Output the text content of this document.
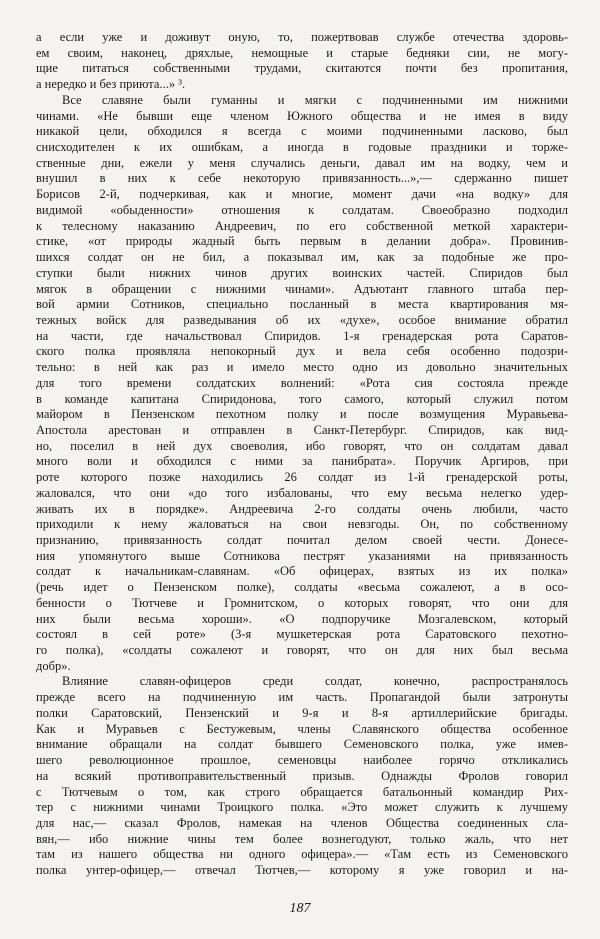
а если уже и доживут оную, то, пожертвовав службе отечества здоровь-
ем своим, наконец, дряхлые, немощные и старые бедняки сии, не могу-
щие питаться собственными трудами, скитаются почти без пропитания,
а нередко и без приюта...» ³.
Все славяне были гуманны и мягки с подчиненными им нижними
чинами. «Не бывши еще членом Южного общества и не имея в виду
никакой цели, обходился я всегда с моими подчиненными ласково, был
снисходителен к их ошибкам, а иногда в годовые праздники и торже-
ственные дни, ежели у меня случались деньги, давал им на водку, чем и
внушил в них к себе некоторую привязанность...»,— сдержанно пишет
Борисов 2-й, подчеркивая, как и многие, момент дачи «на водку» для
видимой «обыденности» отношения к солдатам. Своеобразно подходил
к телесному наказанию Андреевич, по его собственной меткой характери-
стике, «от природы жадный быть первым в делании добра». Провинив-
шихся солдат он не бил, а показывал им, как за подобные же про-
ступки были нижних чинов других воинских частей. Спиридов был
мягок в обращении с нижними чинами». Адъютант главного штаба пер-
вой армии Сотников, специально посланный в места квартирования мя-
тежных войск для разведывания об их «духе», особое внимание обратил
на части, где начальствовал Спиридов. 1-я гренадерская рота Саратов-
ского полка проявляла непокорный дух и вела себя особенно подозри-
тельно: в ней как раз и имело место одно из довольно значительных
для того времени солдатских волнений: «Рота сия состояла прежде
в команде капитана Спиридонова, того самого, который служил потом
майором в Пензенском пехотном полку и после возмущения Муравьева-
Апостола арестован и отправлен в Санкт-Петербург. Спиридов, как вид-
но, поселил в ней дух своеволия, ибо говорят, что он солдатам давал
много воли и обходился с ними за панибрата». Поручик Аргиров, при
роте которого позже находились 26 солдат из 1-й гренадерской роты,
жаловался, что они «до того избалованы, что ему весьма нелегко удер-
живать их в порядке». Андреевича 2-го солдаты очень любили, часто
приходили к нему жаловаться на свои невзгоды. Он, по собственному
признанию, привязанность солдат почитал делом своей чести. Донесе-
ния упомянутого выше Сотникова пестрят указаниями на привязанность
солдат к начальникам-славянам. «Об офицерах, взятых из их полка»
(речь идет о Пензенском полке), солдаты «весьма сожалеют, а в осо-
бенности о Тютчеве и Громнитском, о которых говорят, что они для
них были весьма хороши». «О подпоручике Мозгалевском, который
состоял в сей роте» (3-я мушкетерская рота Саратовского пехотно-
го полка), «солдаты сожалеют и говорят, что он для них был весьма
добр».
Влияние славян-офицеров среди солдат, конечно, распространялось
прежде всего на подчиненную им часть. Пропагандой были затронуты
полки Саратовский, Пензенский и 9-я и 8-я артиллерийские бригады.
Как и Муравьев с Бестужевым, члены Славянского общества особенное
внимание обращали на солдат бывшего Семеновского полка, уже имев-
шего революционное прошлое, семеновцы наиболее горячо откликались
на всякий противоправительственный призыв. Однажды Фролов говорил
с Тютчевым о том, как строго обращается батальонный командир Рих-
тер с нижними чинами Троицкого полка. «Это может служить к лучшему
для нас,— сказал Фролов, намекая на членов Общества соединенных сла-
вян,— ибо нижние чины тем более вознегодуют, только жаль, что нет
там из нашего общества ни одного офицера».— «Там есть из Семеновского
полка унтер-офицер,— отвечал Тютчев,— которому я уже говорил и на-
187
